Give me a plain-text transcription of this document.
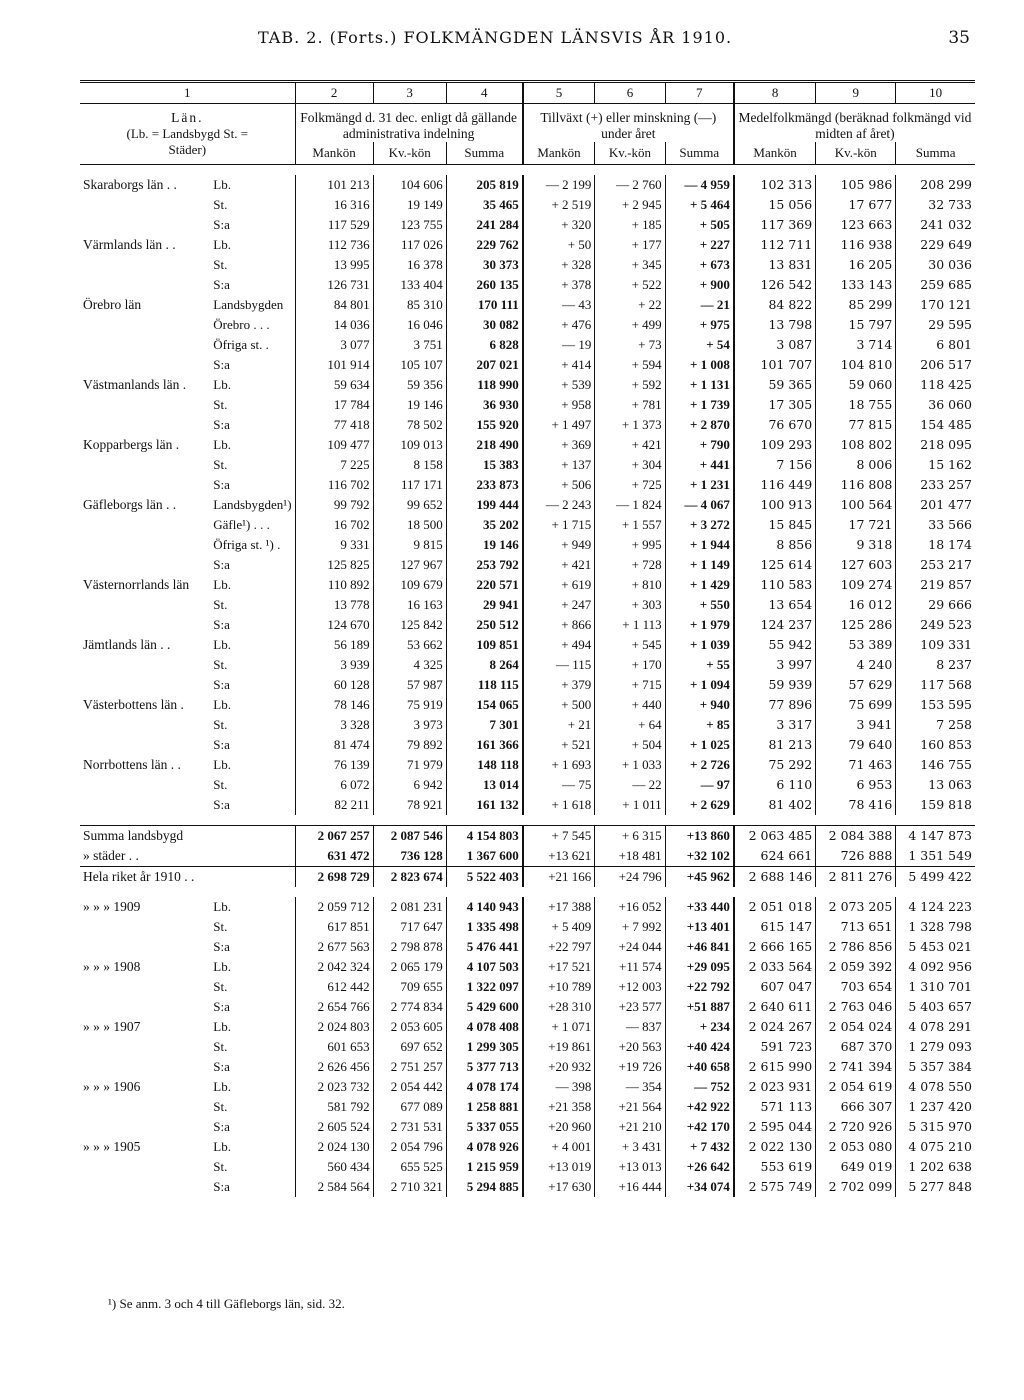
TAB. 2. (Forts.) FOLKMÄNGDEN LÄNSVIS ÅR 1910.	35
1		2	3	4	5	6	7	8	9	10

Län.
(Lb. = Landsbygd St. = Städer)		Folkmängd d. 31 dec. enligt då gällande administrativa indelning			Tillväxt (+) eller minskning (—) under året			Medelfolkmängd (beräknad folkmängd vid midten af året)		
		Mankön	Kv.-kön	Summa	Mankön	Kv.-kön	Summa	Mankön	Kv.-kön	Summa

Skaraborgs län . .	Lb.	101 213	104 606	205 819	— 2 199	— 2 760	— 4 959	102 313	105 986	208 299
	St.	16 316	19 149	35 465	+ 2 519	+ 2 945	+ 5 464	15 056	17 677	32 733
	S:a	117 529	123 755	241 284	+ 320	+ 185	+ 505	117 369	123 663	241 032
Värmlands län . .	Lb.	112 736	117 026	229 762	+ 50	+ 177	+ 227	112 711	116 938	229 649
	St.	13 995	16 378	30 373	+ 328	+ 345	+ 673	13 831	16 205	30 036
	S:a	126 731	133 404	260 135	+ 378	+ 522	+ 900	126 542	133 143	259 685
Örebro län	Landsbygden	84 801	85 310	170 111	— 43	+ 22	— 21	84 822	85 299	170 121
	Örebro . . .	14 036	16 046	30 082	+ 476	+ 499	+ 975	13 798	15 797	29 595
	Öfriga st. .	3 077	3 751	6 828	— 19	+ 73	+ 54	3 087	3 714	6 801
	S:a	101 914	105 107	207 021	+ 414	+ 594	+ 1 008	101 707	104 810	206 517
Västmanlands län .	Lb.	59 634	59 356	118 990	+ 539	+ 592	+ 1 131	59 365	59 060	118 425
	St.	17 784	19 146	36 930	+ 958	+ 781	+ 1 739	17 305	18 755	36 060
	S:a	77 418	78 502	155 920	+ 1 497	+ 1 373	+ 2 870	76 670	77 815	154 485
Kopparbergs län .	Lb.	109 477	109 013	218 490	+ 369	+ 421	+ 790	109 293	108 802	218 095
	St.	7 225	8 158	15 383	+ 137	+ 304	+ 441	7 156	8 006	15 162
	S:a	116 702	117 171	233 873	+ 506	+ 725	+ 1 231	116 449	116 808	233 257
Gäfleborgs län . .	Landsbygden¹)	99 792	99 652	199 444	— 2 243	— 1 824	— 4 067	100 913	100 564	201 477
	Gäfle¹) . . .	16 702	18 500	35 202	+ 1 715	+ 1 557	+ 3 272	15 845	17 721	33 566
	Öfriga st. ¹) .	9 331	9 815	19 146	+ 949	+ 995	+ 1 944	8 856	9 318	18 174
	S:a	125 825	127 967	253 792	+ 421	+ 728	+ 1 149	125 614	127 603	253 217
Västernorrlands län	Lb.	110 892	109 679	220 571	+ 619	+ 810	+ 1 429	110 583	109 274	219 857
	St.	13 778	16 163	29 941	+ 247	+ 303	+ 550	13 654	16 012	29 666
	S:a	124 670	125 842	250 512	+ 866	+ 1 113	+ 1 979	124 237	125 286	249 523
Jämtlands län . .	Lb.	56 189	53 662	109 851	+ 494	+ 545	+ 1 039	55 942	53 389	109 331
	St.	3 939	4 325	8 264	— 115	+ 170	+ 55	3 997	4 240	8 237
	S:a	60 128	57 987	118 115	+ 379	+ 715	+ 1 094	59 939	57 629	117 568
Västerbottens län .	Lb.	78 146	75 919	154 065	+ 500	+ 440	+ 940	77 896	75 699	153 595
	St.	3 328	3 973	7 301	+ 21	+ 64	+ 85	3 317	3 941	7 258
	S:a	81 474	79 892	161 366	+ 521	+ 504	+ 1 025	81 213	79 640	160 853
Norrbottens län . .	Lb.	76 139	71 979	148 118	+ 1 693	+ 1 033	+ 2 726	75 292	71 463	146 755
	St.	6 072	6 942	13 014	— 75	— 22	— 97	6 110	6 953	13 063
	S:a	82 211	78 921	161 132	+ 1 618	+ 1 011	+ 2 629	81 402	78 416	159 818

Summa landsbygd		2 067 257	2 087 546	4 154 803	+ 7 545	+ 6 315	+13 860	2 063 485	2 084 388	4 147 873
» städer . .		631 472	736 128	1 367 600	+13 621	+18 481	+32 102	624 661	726 888	1 351 549
Hela riket år 1910 . .		2 698 729	2 823 674	5 522 403	+21 166	+24 796	+45 962	2 688 146	2 811 276	5 499 422

» » » 1909	Lb.	2 059 712	2 081 231	4 140 943	+17 388	+16 052	+33 440	2 051 018	2 073 205	4 124 223
	St.	617 851	717 647	1 335 498	+ 5 409	+ 7 992	+13 401	615 147	713 651	1 328 798
	S:a	2 677 563	2 798 878	5 476 441	+22 797	+24 044	+46 841	2 666 165	2 786 856	5 453 021
» » » 1908	Lb.	2 042 324	2 065 179	4 107 503	+17 521	+11 574	+29 095	2 033 564	2 059 392	4 092 956
	St.	612 442	709 655	1 322 097	+10 789	+12 003	+22 792	607 047	703 654	1 310 701
	S:a	2 654 766	2 774 834	5 429 600	+28 310	+23 577	+51 887	2 640 611	2 763 046	5 403 657
» » » 1907	Lb.	2 024 803	2 053 605	4 078 408	+ 1 071	— 837	+ 234	2 024 267	2 054 024	4 078 291
	St.	601 653	697 652	1 299 305	+19 861	+20 563	+40 424	591 723	687 370	1 279 093
	S:a	2 626 456	2 751 257	5 377 713	+20 932	+19 726	+40 658	2 615 990	2 741 394	5 357 384
» » » 1906	Lb.	2 023 732	2 054 442	4 078 174	— 398	— 354	— 752	2 023 931	2 054 619	4 078 550
	St.	581 792	677 089	1 258 881	+21 358	+21 564	+42 922	571 113	666 307	1 237 420
	S:a	2 605 524	2 731 531	5 337 055	+20 960	+21 210	+42 170	2 595 044	2 720 926	5 315 970
» » » 1905	Lb.	2 024 130	2 054 796	4 078 926	+ 4 001	+ 3 431	+ 7 432	2 022 130	2 053 080	4 075 210
	St.	560 434	655 525	1 215 959	+13 019	+13 013	+26 642	553 619	649 019	1 202 638
	S:a	2 584 564	2 710 321	5 294 885	+17 630	+16 444	+34 074	2 575 749	2 702 099	5 277 848
¹) Se anm. 3 och 4 till Gäfleborgs län, sid. 32.
